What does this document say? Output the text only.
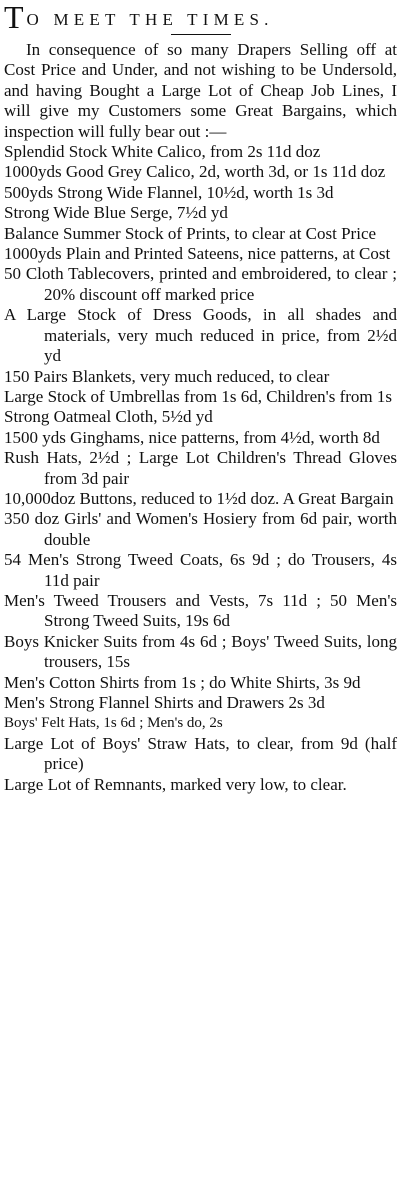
TO MEET THE TIMES.

In consequence of so many Drapers Selling off at Cost Price and Under, and not wishing to be Undersold, and having Bought a Large Lot of Cheap Job Lines, I will give my Customers some Great Bargains, which inspection will fully bear out :—

Splendid Stock White Calico, from 2s 11d doz
1000yds Good Grey Calico, 2d, worth 3d, or 1s 11d doz
500yds Strong Wide Flannel, 10½d, worth 1s 3d
Strong Wide Blue Serge, 7½d yd
Balance Summer Stock of Prints, to clear at Cost Price
1000yds Plain and Printed Sateens, nice patterns, at Cost
50 Cloth Tablecovers, printed and embroidered, to clear ; 20% discount off marked price
A Large Stock of Dress Goods, in all shades and materials, very much reduced in price, from 2½d yd
150 Pairs Blankets, very much reduced, to clear
Large Stock of Umbrellas from 1s 6d, Children's from 1s
Strong Oatmeal Cloth, 5½d yd
1500 yds Ginghams, nice patterns, from 4½d, worth 8d
Rush Hats, 2½d ; Large Lot Children's Thread Gloves from 3d pair
10,000doz Buttons, reduced to 1½d doz. A Great Bargain
350 doz Girls' and Women's Hosiery from 6d pair, worth double
54 Men's Strong Tweed Coats, 6s 9d ; do Trousers, 4s 11d pair
Men's Tweed Trousers and Vests, 7s 11d ; 50 Men's Strong Tweed Suits, 19s 6d
Boys Knicker Suits from 4s 6d ; Boys' Tweed Suits, long trousers, 15s
Men's Cotton Shirts from 1s ; do White Shirts, 3s 9d
Men's Strong Flannel Shirts and Drawers 2s 3d
Boys' Felt Hats, 1s 6d ; Men's do, 2s
Large Lot of Boys' Straw Hats, to clear, from 9d (half price)
Large Lot of Remnants, marked very low, to clear.
